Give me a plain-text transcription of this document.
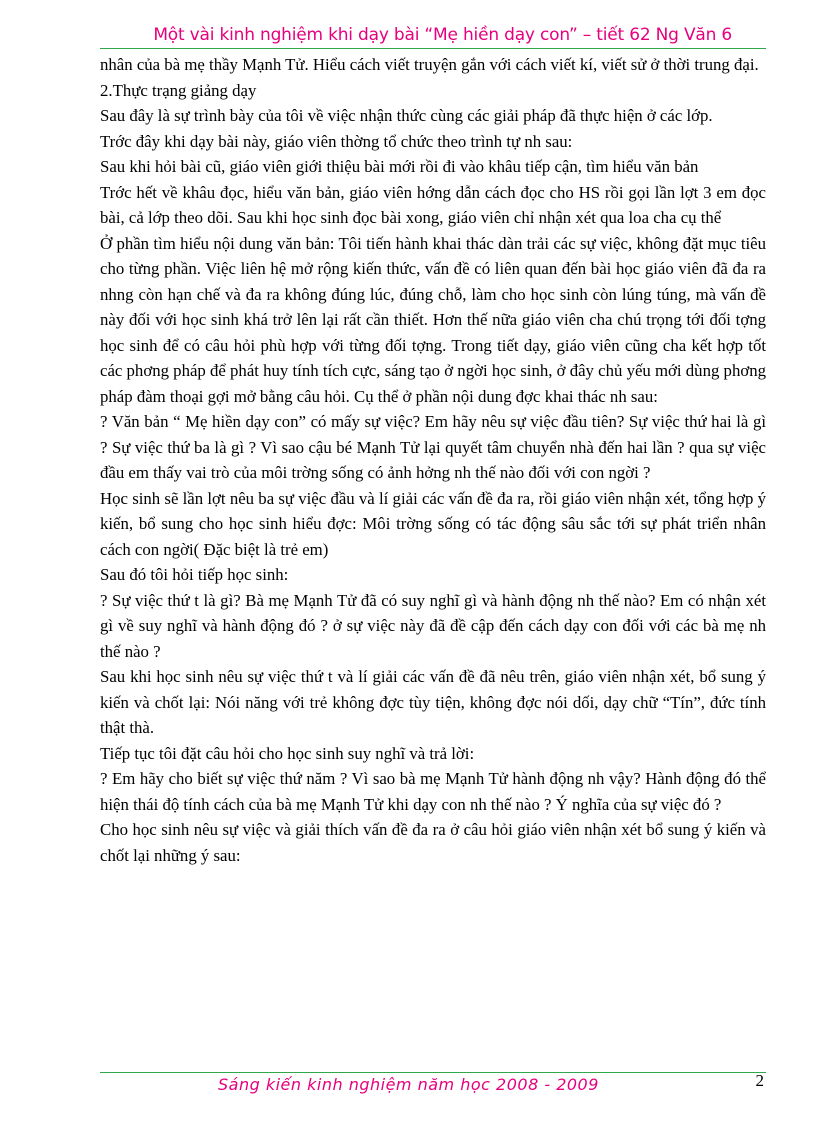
Một vài kinh nghiệm khi dạy bài “Mẹ hiền dạy con” – tiết 62 Ng Văn 6

nhân của bà mẹ thầy Mạnh Tử. Hiểu cách viết truyện gắn với cách viết kí, viết sử ở thời trung đại.

2.Thực trạng giảng dạy

Sau đây là sự trình bày của tôi về việc nhận thức cùng các giải pháp đã thực hiện ở các lớp.

Trớc đây khi dạy bài này, giáo viên thờng tổ chức theo trình tự nh sau:

Sau khi hỏi bài cũ, giáo viên giới thiệu bài mới rồi đi vào khâu tiếp cận, tìm hiểu văn bản

Trớc hết về khâu đọc, hiểu văn bản, giáo viên hớng dẫn cách đọc cho HS rồi gọi lần lợt 3 em đọc bài, cả lớp theo dõi. Sau khi học sinh đọc bài xong, giáo viên chỉ nhận xét qua loa cha cụ thể

Ở phần tìm hiểu nội dung văn bản: Tôi tiến hành khai thác dàn trải các sự việc, không đặt mục tiêu cho từng phần. Việc liên hệ mở rộng kiến thức, vấn đề có liên quan đến bài học giáo viên đã đa ra nhng còn hạn chế và đa ra không đúng lúc, đúng chỗ, làm cho học sinh còn lúng túng, mà vấn đề này đối với học sinh khá trở lên lại rất cần thiết. Hơn thế nữa giáo viên cha chú trọng tới đối tợng học sinh để có câu hỏi phù hợp với từng đối tợng. Trong tiết dạy, giáo viên cũng cha kết hợp tốt các phơng pháp để phát huy tính tích cực, sáng tạo ở ngời học sinh, ở đây chủ yếu mới dùng phơng pháp đàm thoại gợi mở bằng câu hỏi. Cụ thể ở phần nội dung đợc khai thác nh sau:

? Văn bản “ Mẹ hiền dạy con” có mấy sự việc? Em hãy nêu sự việc đầu tiên? Sự việc thứ hai là gì ? Sự việc thứ ba là gì ? Vì sao cậu bé Mạnh Tử lại quyết tâm chuyển nhà đến hai lần ? qua sự việc đầu em thấy vai trò của môi trờng sống có ảnh hởng nh thế nào đối với con ngời ?

Học sinh sẽ lần lợt nêu ba sự việc đầu và lí giải các vấn đề đa ra, rồi giáo viên nhận xét, tổng hợp ý kiến, bổ sung cho học sinh hiểu đợc: Môi trờng sống có tác động sâu sắc tới sự phát triển nhân cách con ngời( Đặc biệt là trẻ em)

Sau đó tôi hỏi tiếp học sinh:

? Sự việc thứ t là gì? Bà mẹ Mạnh Tử đã có suy nghĩ gì và hành động nh thế nào? Em có nhận xét gì về suy nghĩ và hành động đó ? ở sự việc này đã đề cập đến cách dạy con đối với các bà mẹ nh thế nào ?

Sau khi học sinh nêu sự việc thứ t và lí giải các vấn đề đã nêu trên, giáo viên nhận xét, bổ sung ý kiến và chốt lại: Nói năng với trẻ không đợc tùy tiện, không đợc nói dối, dạy chữ “Tín”, đức tính thật thà.

Tiếp tục tôi đặt câu hỏi cho học sinh suy nghĩ và trả lời:

? Em hãy cho biết sự việc thứ năm ? Vì sao bà mẹ Mạnh Tử hành động nh vậy? Hành động đó thể hiện thái độ tính cách của bà mẹ Mạnh Tử khi dạy con nh thế nào ? Ý nghĩa của sự việc đó ?

Cho học sinh nêu sự việc và giải thích vấn đề đa ra ở câu hỏi giáo viên nhận xét bổ sung ý kiến và chốt lại những ý sau:

Sáng kiến kinh nghiệm năm học 2008 - 2009	2
